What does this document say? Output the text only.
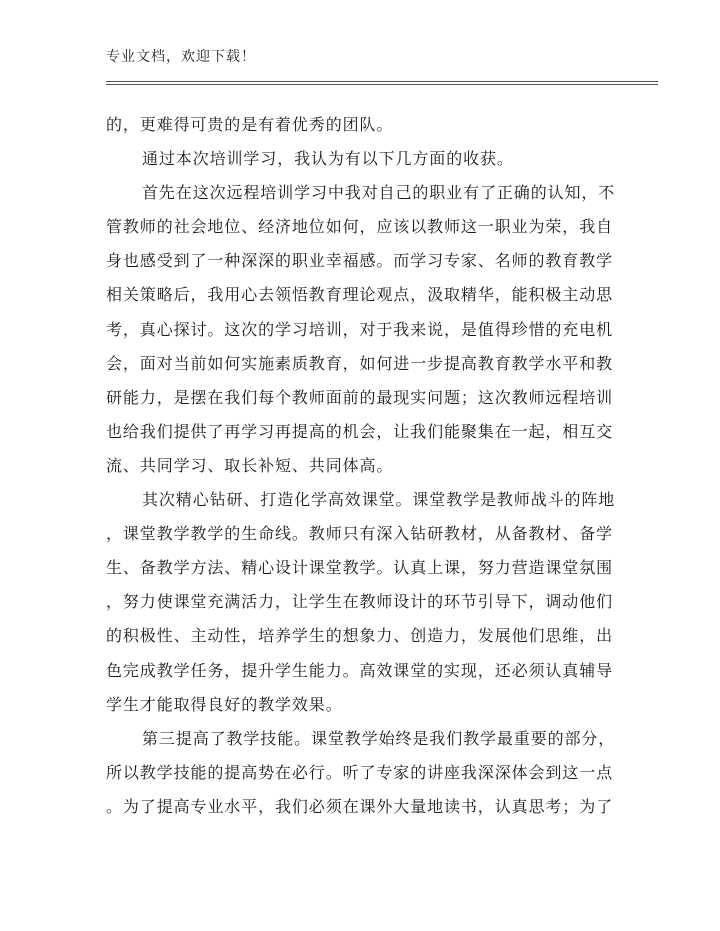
专业文档，欢迎下载！
的，更难得可贵的是有着优秀的团队。
通过本次培训学习，我认为有以下几方面的收获。
首先在这次远程培训学习中我对自己的职业有了正确的认知，不
管教师的社会地位、经济地位如何，应该以教师这一职业为荣，我自
身也感受到了一种深深的职业幸福感。而学习专家、名师的教育教学
相关策略后，我用心去领悟教育理论观点，汲取精华，能积极主动思
考，真心探讨。这次的学习培训，对于我来说，是值得珍惜的充电机
会，面对当前如何实施素质教育，如何进一步提高教育教学水平和教
研能力，是摆在我们每个教师面前的最现实问题；这次教师远程培训
也给我们提供了再学习再提高的机会，让我们能聚集在一起，相互交
流、共同学习、取长补短、共同体高。
其次精心钻研、打造化学高效课堂。课堂教学是教师战斗的阵地
，课堂教学教学的生命线。教师只有深入钻研教材，从备教材、备学
生、备教学方法、精心设计课堂教学。认真上课，努力营造课堂氛围
，努力使课堂充满活力，让学生在教师设计的环节引导下，调动他们
的积极性、主动性，培养学生的想象力、创造力，发展他们思维，出
色完成教学任务，提升学生能力。高效课堂的实现，还必须认真辅导
学生才能取得良好的教学效果。
第三提高了教学技能。课堂教学始终是我们教学最重要的部分，
所以教学技能的提高势在必行。听了专家的讲座我深深体会到这一点
。为了提高专业水平，我们必须在课外大量地读书，认真思考；为了
